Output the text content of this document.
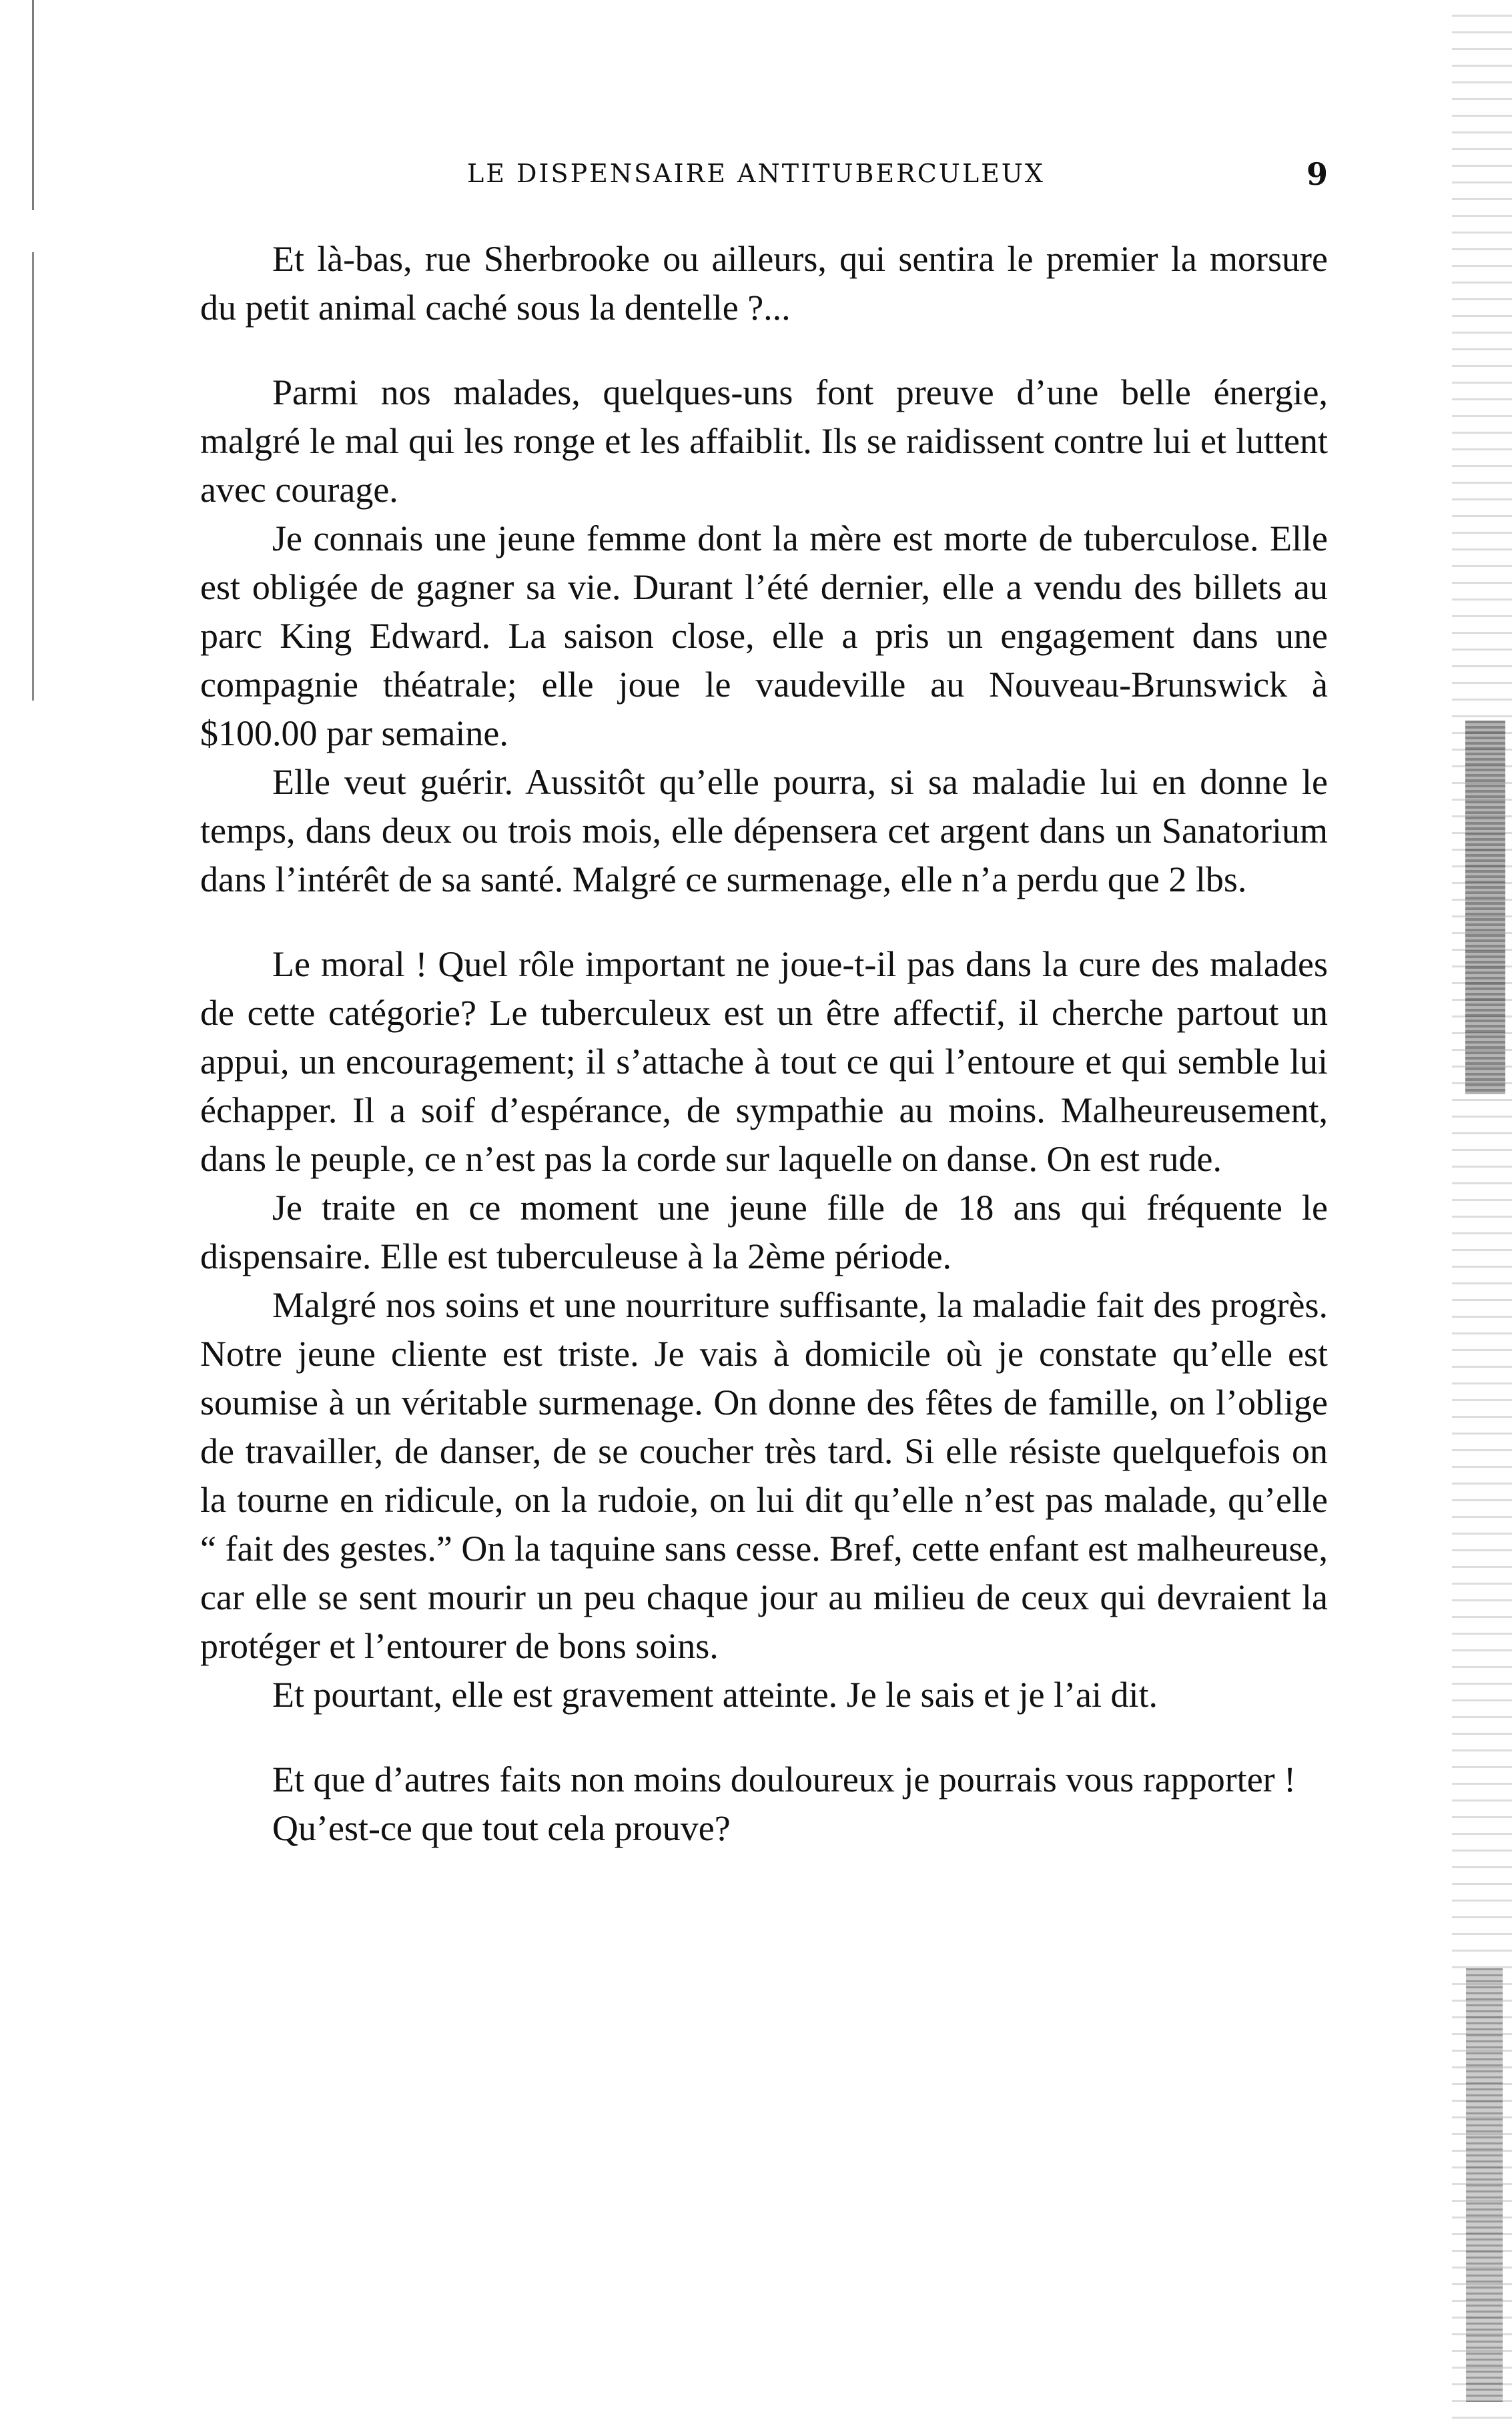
LE DISPENSAIRE ANTITUBERCULEUX	9

Et là-bas, rue Sherbrooke ou ailleurs, qui sentira le premier la morsure du petit animal caché sous la dentelle ?...

Parmi nos malades, quelques-uns font preuve d’une belle énergie, malgré le mal qui les ronge et les affaiblit. Ils se raidissent contre lui et luttent avec courage.

Je connais une jeune femme dont la mère est morte de tuberculose. Elle est obligée de gagner sa vie. Durant l’été dernier, elle a vendu des billets au parc King Edward. La saison close, elle a pris un engagement dans une compagnie théatrale; elle joue le vaudeville au Nouveau-Brunswick à $100.00 par semaine.

Elle veut guérir. Aussitôt qu’elle pourra, si sa maladie lui en donne le temps, dans deux ou trois mois, elle dépensera cet argent dans un Sanatorium dans l’intérêt de sa santé. Malgré ce surmenage, elle n’a perdu que 2 lbs.

Le moral ! Quel rôle important ne joue-t-il pas dans la cure des malades de cette catégorie? Le tuberculeux est un être affectif, il cherche partout un appui, un encouragement; il s’attache à tout ce qui l’entoure et qui semble lui échapper. Il a soif d’espérance, de sympathie au moins. Malheureusement, dans le peuple, ce n’est pas la corde sur laquelle on danse. On est rude.

Je traite en ce moment une jeune fille de 18 ans qui fréquente le dispensaire. Elle est tuberculeuse à la 2ème période.

Malgré nos soins et une nourriture suffisante, la maladie fait des progrès. Notre jeune cliente est triste. Je vais à domicile où je constate qu’elle est soumise à un véritable surmenage. On donne des fêtes de famille, on l’oblige de travailler, de danser, de se coucher très tard. Si elle résiste quelquefois on la tourne en ridicule, on la rudoie, on lui dit qu’elle n’est pas malade, qu’elle “ fait des gestes.” On la taquine sans cesse. Bref, cette enfant est malheureuse, car elle se sent mourir un peu chaque jour au milieu de ceux qui devraient la protéger et l’entourer de bons soins.

Et pourtant, elle est gravement atteinte. Je le sais et je l’ai dit.

Et que d’autres faits non moins douloureux je pourrais vous rapporter !

Qu’est-ce que tout cela prouve?
